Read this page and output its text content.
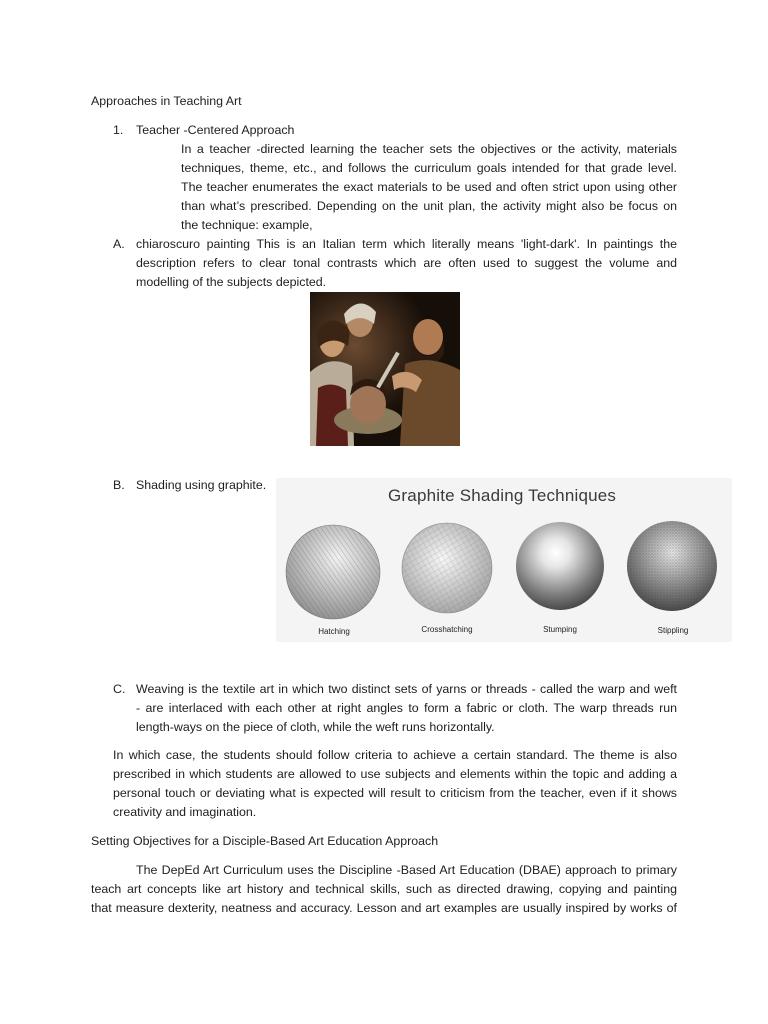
Approaches in Teaching Art
1. Teacher -Centered Approach
In a teacher -directed learning the teacher sets the objectives or the activity, materials
techniques, theme, etc., and follows the curriculum goals intended for that grade level.
The teacher enumerates the exact materials to be used and often strict upon using other
than what’s prescribed. Depending on the unit plan, the activity might also be focus on
the technique: example,
A. chiaroscuro painting This is an Italian term which literally means 'light-dark'. In paintings the
description refers to clear tonal contrasts which are often used to suggest the volume and
modelling of the subjects depicted.
B. Shading using graphite.
Graphite Shading Techniques
Hatching	Crosshatching	Stumping	Stippling
C. Weaving is the textile art in which two distinct sets of yarns or threads - called the warp and weft
- are interlaced with each other at right angles to form a fabric or cloth. The warp threads run
length-ways on the piece of cloth, while the weft runs horizontally.
In which case, the students should follow criteria to achieve a certain standard. The theme is also
prescribed in which students are allowed to use subjects and elements within the topic and adding a
personal touch or deviating what is expected will result to criticism from the teacher, even if it shows
creativity and imagination.
Setting Objectives for a Disciple-Based Art Education Approach
The DepEd Art Curriculum uses the Discipline -Based Art Education (DBAE) approach to primary
teach art concepts like art history and technical skills, such as directed drawing, copying and painting
that measure dexterity, neatness and accuracy. Lesson and art examples are usually inspired by works of
